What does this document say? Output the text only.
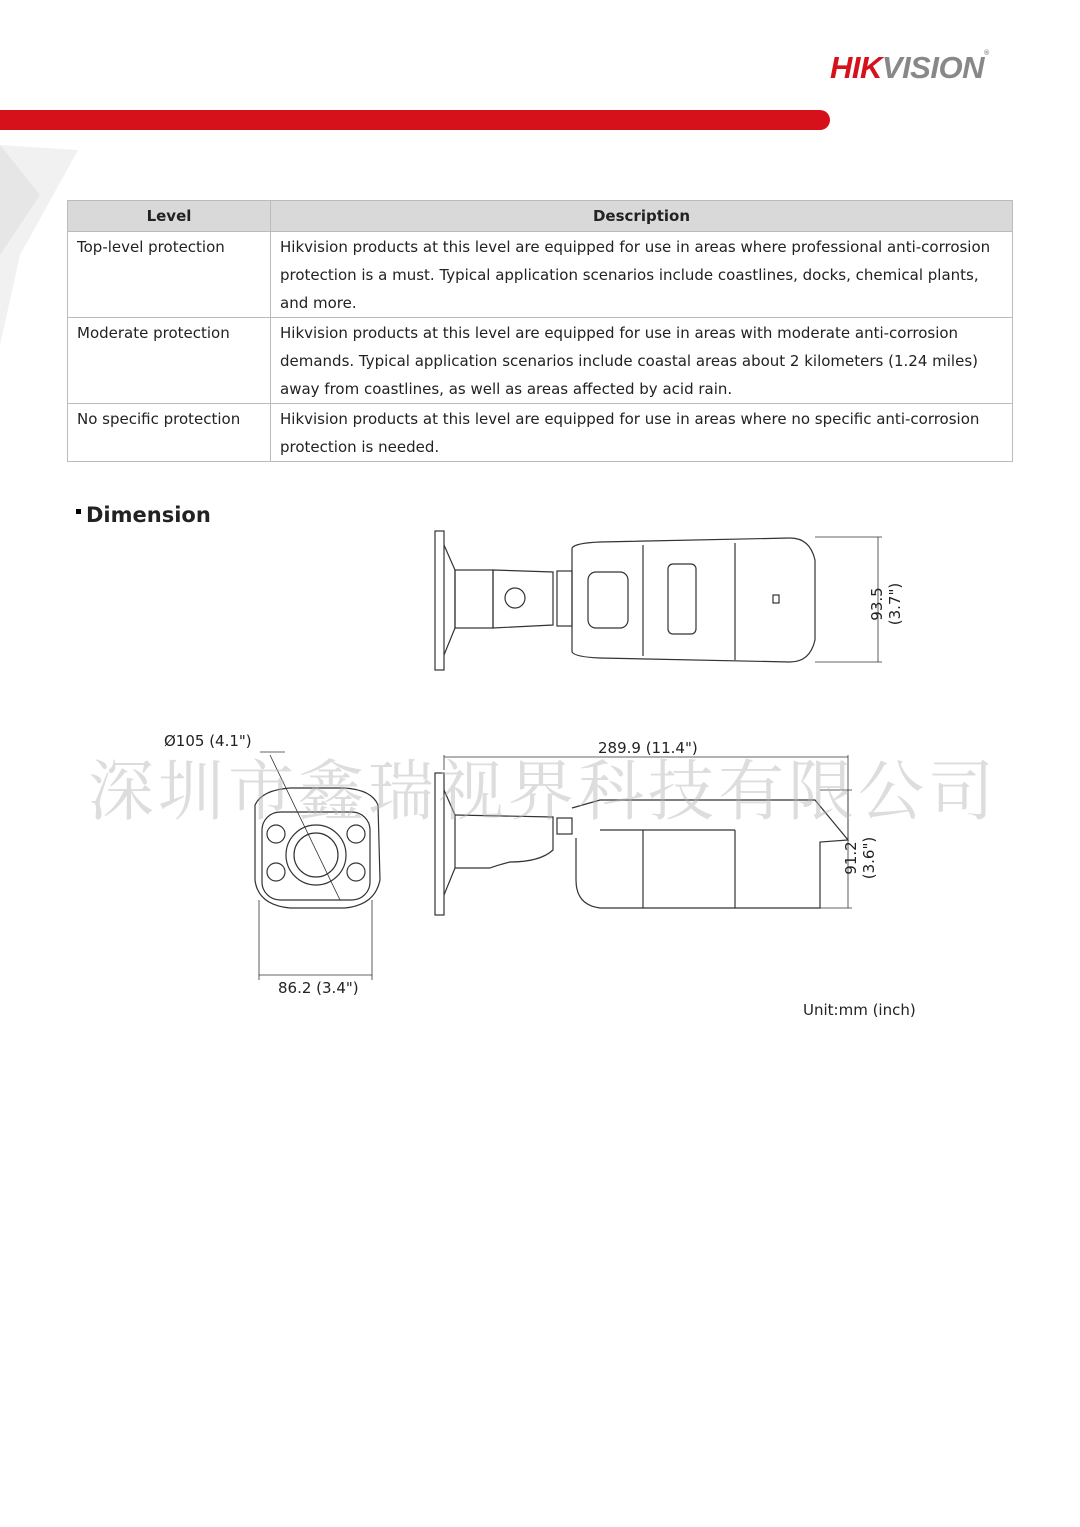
HIKVISION®
Level	Description
Top-level protection	Hikvision products at this level are equipped for use in areas where professional anti-corrosion protection is a must. Typical application scenarios include coastlines, docks, chemical plants, and more.
Moderate protection	Hikvision products at this level are equipped for use in areas with moderate anti-corrosion demands. Typical application scenarios include coastal areas about 2 kilometers (1.24 miles) away from coastlines, as well as areas affected by acid rain.
No specific protection	Hikvision products at this level are equipped for use in areas where no specific anti-corrosion protection is needed.
Dimension
93.5 (3.7")
Ø105 (4.1")	289.9 (11.4")
91.2 (3.6")
86.2 (3.4")
Unit:mm (inch)
深圳市鑫瑞视界科技有限公司
